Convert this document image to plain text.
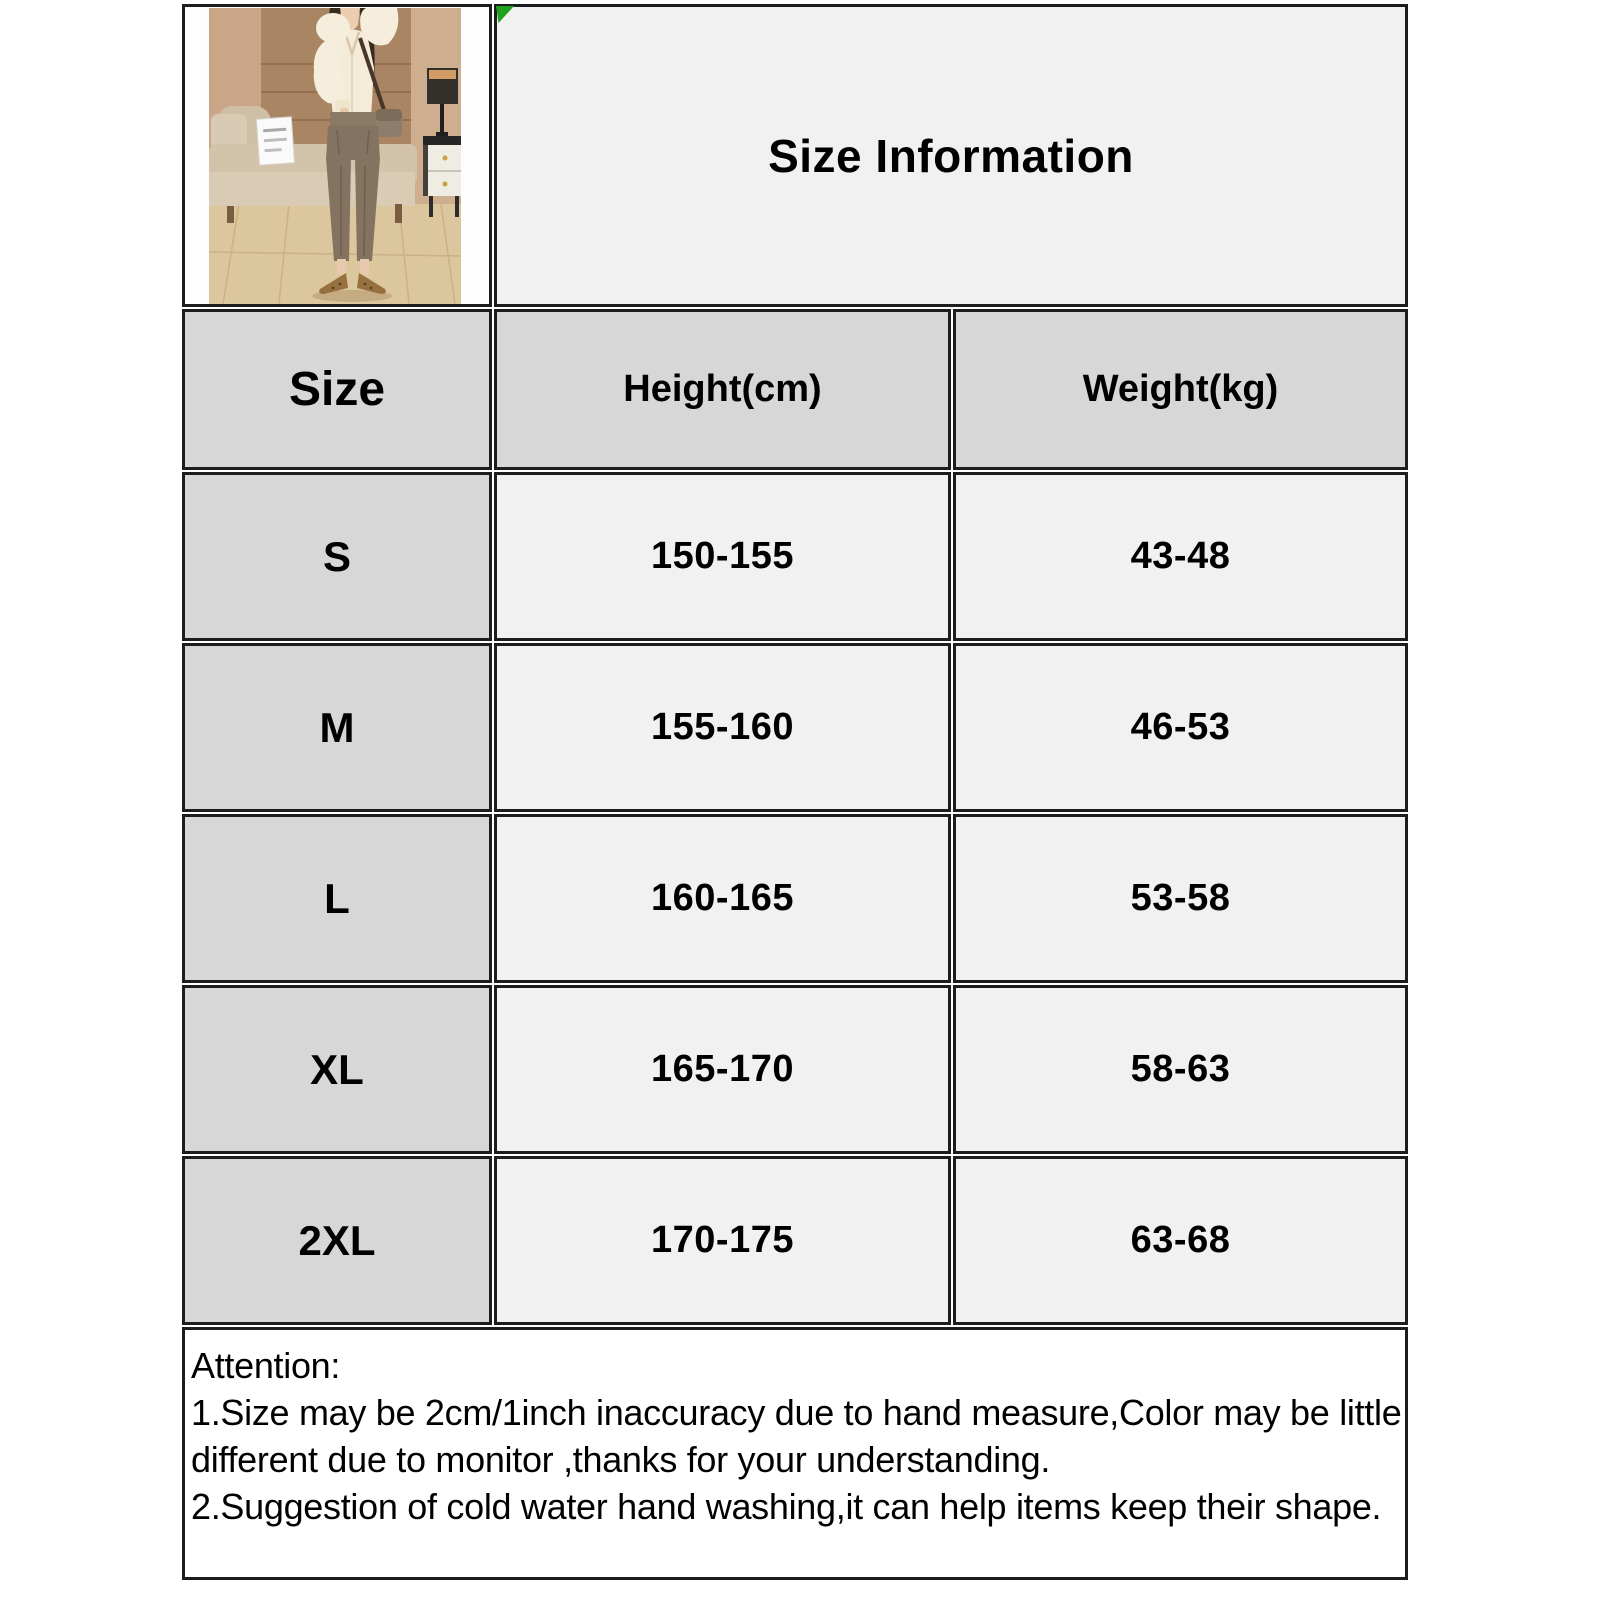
Size Information
Size	Height(cm)	Weight(kg)
S	150-155	43-48
M	155-160	46-53
L	160-165	53-58
XL	165-170	58-63
2XL	170-175	63-68
Attention:
1.Size may be 2cm/1inch inaccuracy due to hand measure,Color may be little
different due to monitor ,thanks for your understanding.
2.Suggestion of cold water hand washing,it can help items keep their shape.
